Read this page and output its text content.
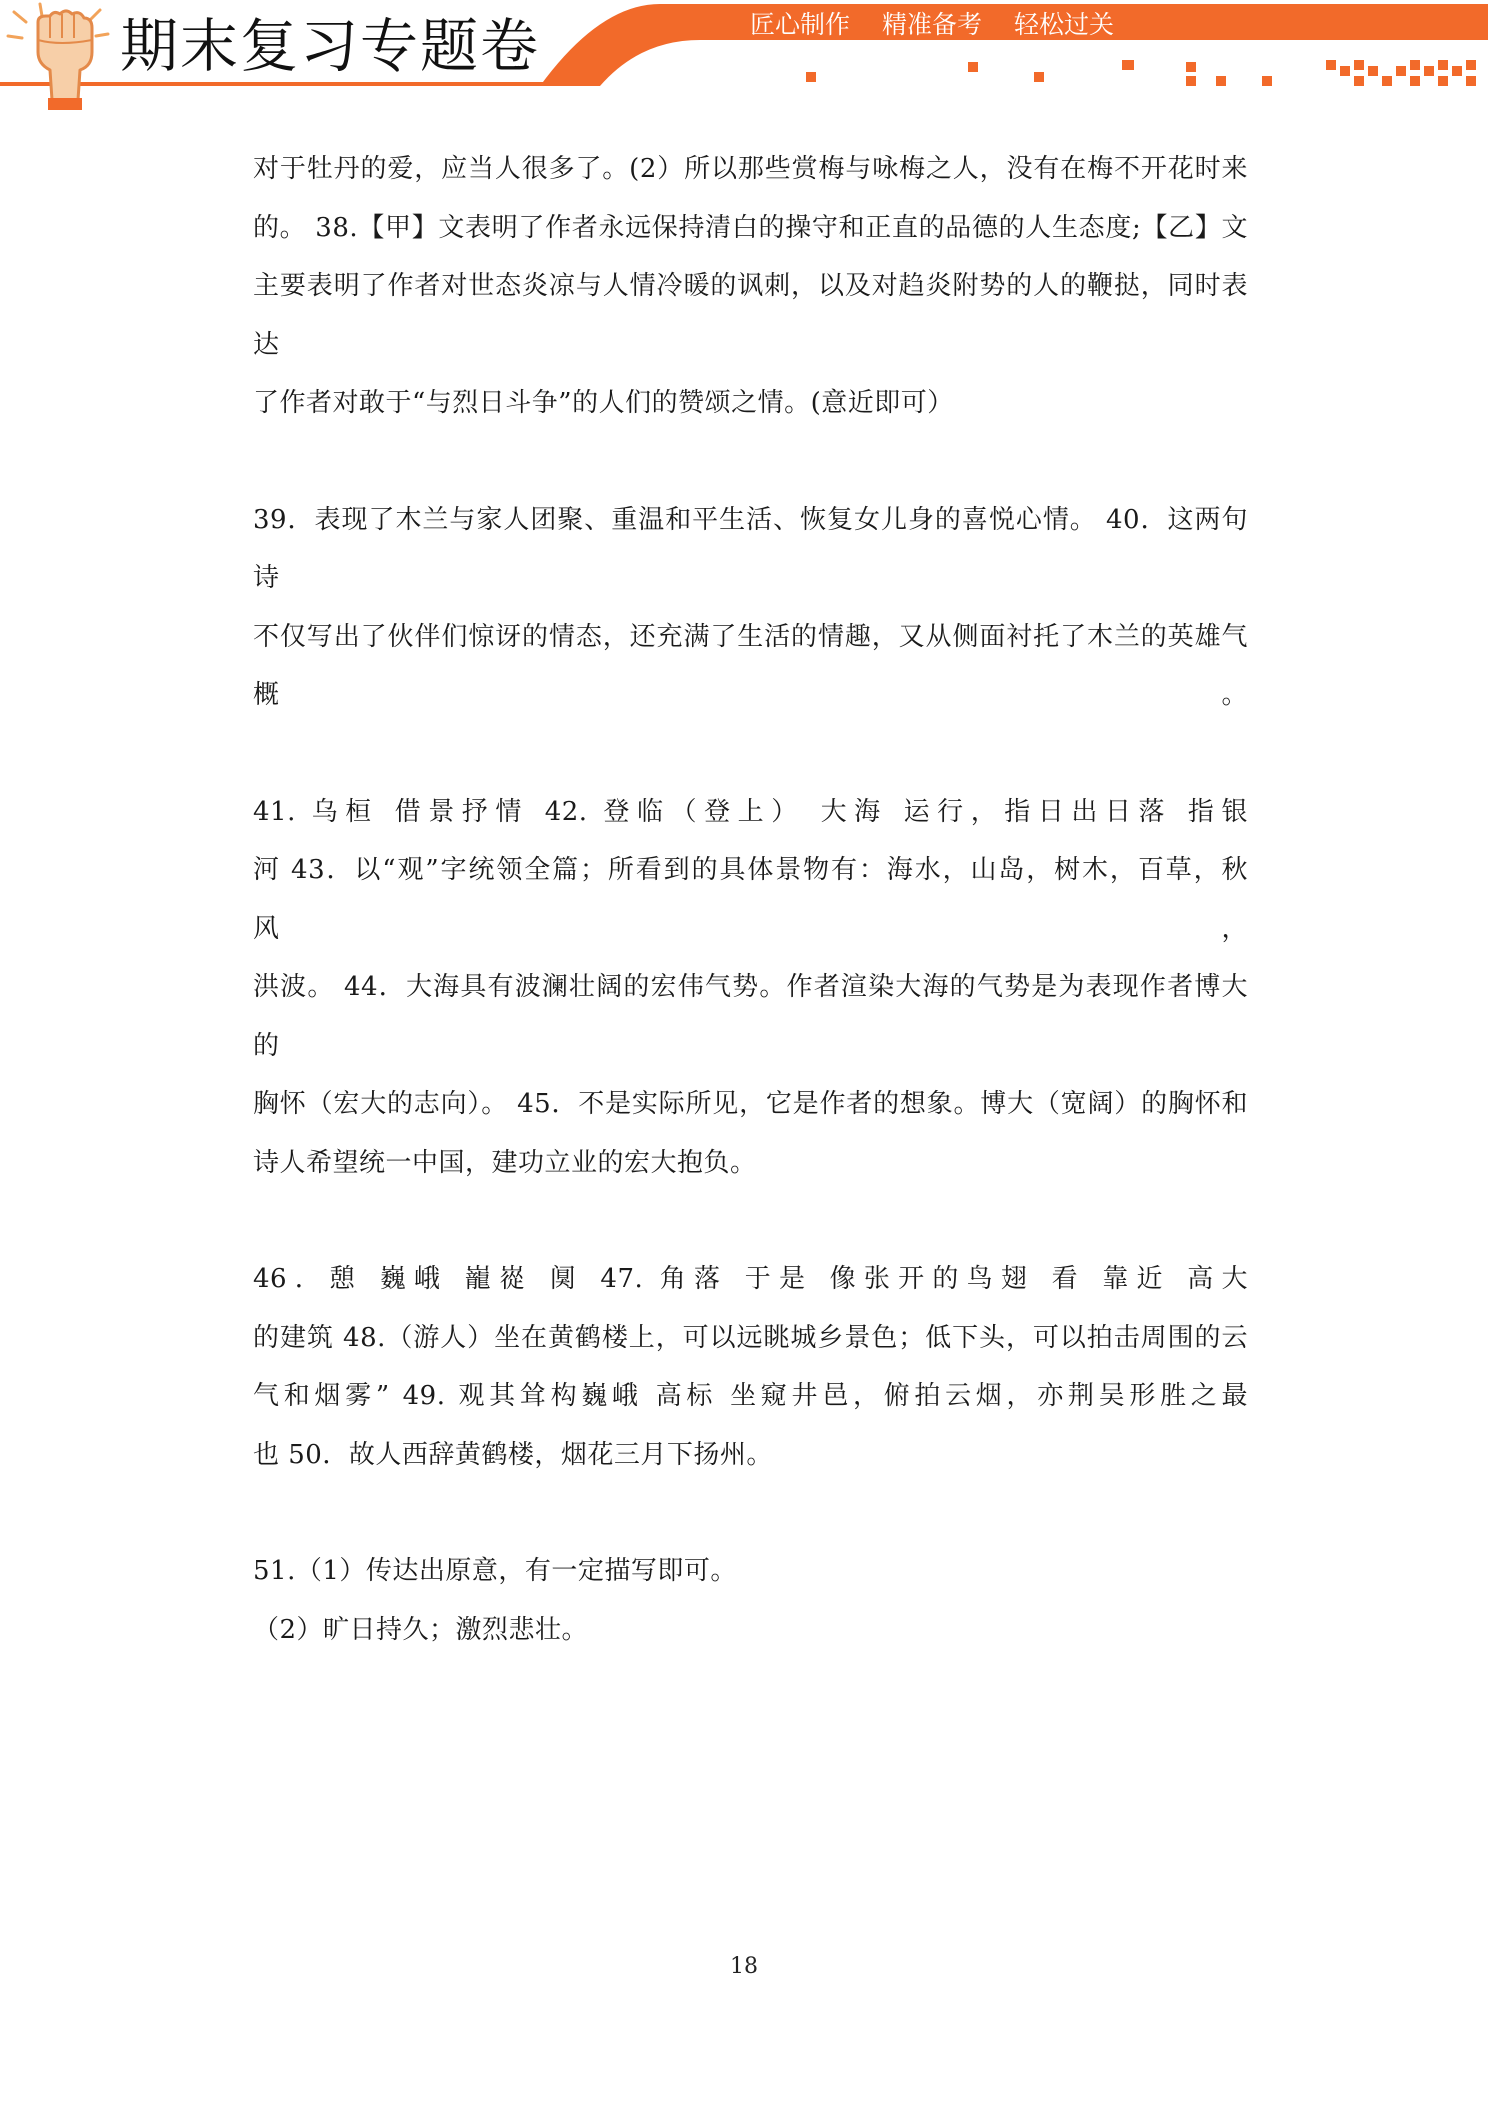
期末复习专题卷	匠心制作 精准备考 轻松过关
对于牡丹的爱，应当人很多了。(2）所以那些赏梅与咏梅之人，没有在梅不开花时来
的。 38.【甲】文表明了作者永远保持清白的操守和正直的品德的人生态度;【乙】文
主要表明了作者对世态炎凉与人情冷暖的讽刺，以及对趋炎附势的人的鞭挞，同时表达
了作者对敢于“与烈日斗争”的人们的赞颂之情。(意近即可）
39．表现了木兰与家人团聚、重温和平生活、恢复女儿身的喜悦心情。 40．这两句诗
不仅写出了伙伴们惊讶的情态，还充满了生活的情趣，又从侧面衬托了木兰的英雄气概。
41. 乌桓 借景抒情 42. 登临（登上） 大海 运行，指日出日落 指银
河 43．以“观”字统领全篇；所看到的具体景物有：海水，山岛，树木，百草，秋风，
洪波。 44．大海具有波澜壮阔的宏伟气势。作者渲染大海的气势是为表现作者博大的
胸怀（宏大的志向）。 45．不是实际所见，它是作者的想象。博大（宽阔）的胸怀和
诗人希望统一中国，建功立业的宏大抱负。
46．憩 巍峨 巃嵸 阒 47. 角落 于是 像张开的鸟翅 看 靠近 高大
的建筑 48.（游人）坐在黄鹤楼上，可以远眺城乡景色；低下头，可以拍击周围的云
气和烟雾” 49. 观其耸构巍峨 高标 坐窥井邑，俯拍云烟，亦荆吴形胜之最
也 50．故人西辞黄鹤楼，烟花三月下扬州。
51.（1）传达出原意，有一定描写即可。
（2）旷日持久；激烈悲壮。
18
